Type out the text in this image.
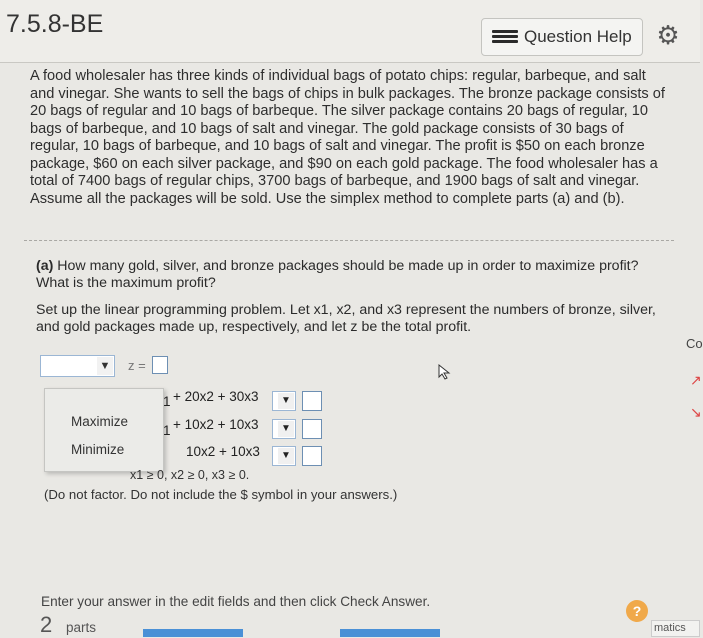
7.5.8-BE	Question Help ⚙

A food wholesaler has three kinds of individual bags of potato chips: regular, barbeque, and salt and vinegar. She wants to sell the bags of chips in bulk packages. The bronze package consists of 20 bags of regular and 10 bags of barbeque. The silver package contains 20 bags of regular, 10 bags of barbeque, and 10 bags of salt and vinegar. The gold package consists of 30 bags of regular, 10 bags of barbeque, and 10 bags of salt and vinegar. The profit is $50 on each bronze package, $60 on each silver package, and $90 on each gold package. The food wholesaler has a total of 7400 bags of regular chips, 3700 bags of barbeque, and 1900 bags of salt and vinegar. Assume all the packages will be sold. Use the simplex method to complete parts (a) and (b).

(a) How many gold, silver, and bronze packages should be made up in order to maximize profit? What is the maximum profit?
Set up the linear programming problem. Let x1, x2, and x3 represent the numbers of bronze, silver, and gold packages made up, respectively, and let z be the total profit.
▼ z =
Maximize
Minimize
1 + 20x2 + 30x3	▼
1 + 10x2 + 10x3	▼
10x2 + 10x3	▼
x1 ≥ 0, x2 ≥ 0, x3 ≥ 0.
(Do not factor. Do not include the $ symbol in your answers.)
Enter your answer in the edit fields and then click Check Answer.
?
2 parts
Co
↗
↘
matics
